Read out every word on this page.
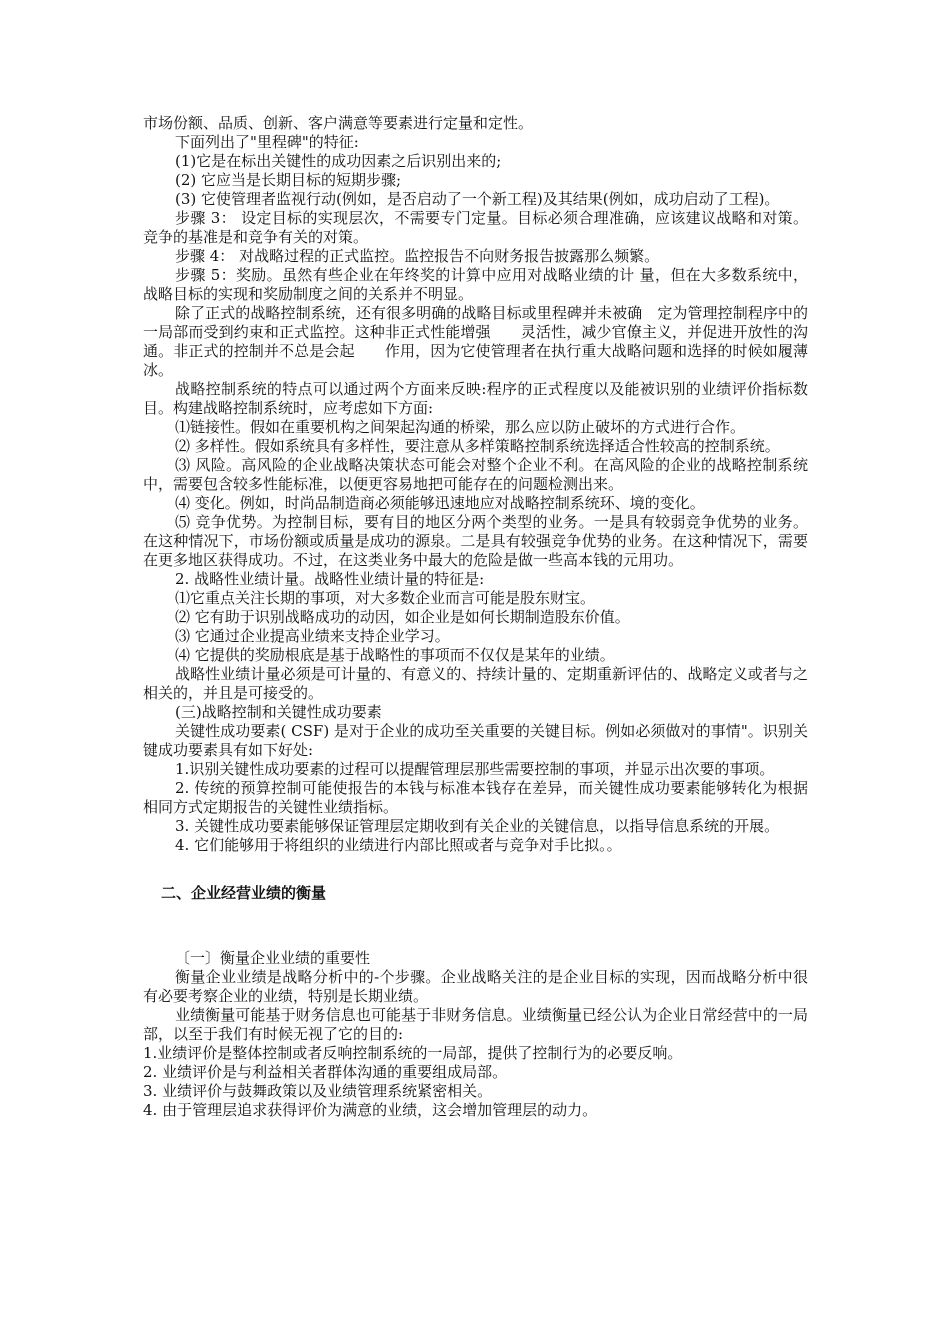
市场份额、品质、创新、客户满意等要素进行定量和定性。

下面列出了"里程碑"的特征:

(1)它是在标出关键性的成功因素之后识别出来的;

(2) 它应当是长期目标的短期步骤;

(3) 它使管理者监视行动(例如，是否启动了一个新工程)及其结果(例如，成功启动了工程)。

步骤 3： 设定目标的实现层次，不需要专门定量。目标必须合理准确，应该建议战略和对策。竞争的基准是和竞争有关的对策。

步骤 4： 对战略过程的正式监控。监控报告不向财务报告披露那么频繁。

步骤 5：奖励。虽然有些企业在年终奖的计算中应用对战略业绩的计 量，但在大多数系统中，战略目标的实现和奖励制度之间的关系并不明显。

除了正式的战略控制系统，还有很多明确的战略目标或里程碑并未被确　定为管理控制程序中的一局部而受到约束和正式监控。这种非正式性能增强　　灵活性，减少官僚主义，并促进开放性的沟通。非正式的控制并不总是会起　　作用，因为它使管理者在执行重大战略问题和选择的时候如履薄冰。

战略控制系统的特点可以通过两个方面来反映:程序的正式程度以及能被识别的业绩评价指标数目。构建战略控制系统时，应考虑如下方面:

⑴链接性。假如在重要机构之间架起沟通的桥梁，那么应以防止破坏的方式进行合作。

⑵ 多样性。假如系统具有多样性，要注意从多样策略控制系统选择适合性较高的控制系统。

⑶ 风险。高风险的企业战略决策状态可能会对整个企业不利。在高风险的企业的战略控制系统中，需要包含较多性能标准，以便更容易地把可能存在的问题检测出来。

⑷ 变化。例如，时尚品制造商必须能够迅速地应对战略控制系统环、境的变化。

⑸ 竞争优势。为控制目标，要有目的地区分两个类型的业务。一是具有较弱竞争优势的业务。在这种情况下，市场份额或质量是成功的源泉。二是具有较强竞争优势的业务。在这种情况下，需要在更多地区获得成功。不过，在这类业务中最大的危险是做一些高本钱的元用功。

2. 战略性业绩计量。战略性业绩计量的特征是:

⑴它重点关注长期的事项，对大多数企业而言可能是股东财宝。

⑵ 它有助于识别战略成功的动因，如企业是如何长期制造股东价值。

⑶ 它通过企业提高业绩来支持企业学习。

⑷ 它提供的奖励根底是基于战略性的事项而不仅仅是某年的业绩。

战略性业绩计量必须是可计量的、有意义的、持续计量的、定期重新评估的、战略定义或者与之相关的，并且是可接受的。

(三)战略控制和关键性成功要素

关键性成功要素( CSF) 是对于企业的成功至关重要的关键目标。例如必须做对的事情"。识别关键成功要素具有如下好处:

1.识别关键性成功要素的过程可以提醒管理层那些需要控制的事项，并显示出次要的事项。

2. 传统的预算控制可能使报告的本钱与标准本钱存在差异，而关键性成功要素能够转化为根据相同方式定期报告的关键性业绩指标。

3. 关键性成功要素能够保证管理层定期收到有关企业的关键信息，以指导信息系统的开展。

4. 它们能够用于将组织的业绩进行内部比照或者与竞争对手比拟。。

二、企业经营业绩的衡量

〔一〕衡量企业业绩的重要性

衡量企业业绩是战略分析中的-个步骤。企业战略关注的是企业目标的实现，因而战略分析中很有必要考察企业的业绩，特别是长期业绩。

业绩衡量可能基于财务信息也可能基于非财务信息。业绩衡量已经公认为企业日常经营中的一局部，以至于我们有时候无视了它的目的:

1.业绩评价是整体控制或者反响控制系统的一局部，提供了控制行为的必要反响。

2. 业绩评价是与利益相关者群体沟通的重要组成局部。

3. 业绩评价与鼓舞政策以及业绩管理系统紧密相关。

4. 由于管理层追求获得评价为满意的业绩，这会增加管理层的动力。
